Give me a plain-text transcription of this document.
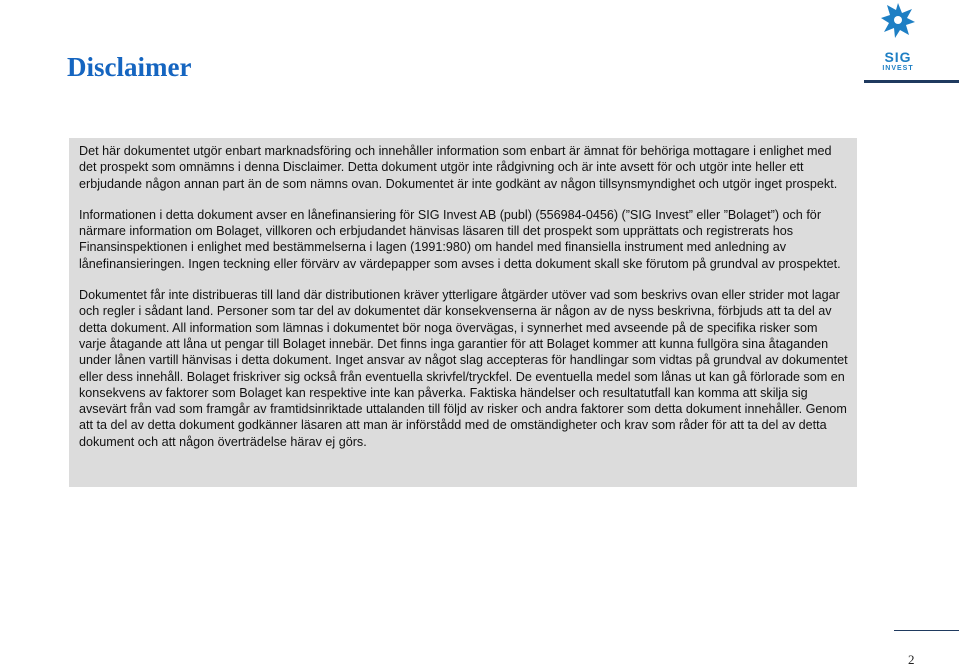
Disclaimer	SIG
INVEST

Det här dokumentet utgör enbart marknadsföring och innehåller information som enbart är ämnat för behöriga mottagare i enlighet med det prospekt som omnämns i denna Disclaimer. Detta dokument utgör inte rådgivning och är inte avsett för och utgör inte heller ett erbjudande någon annan part än de som nämns ovan. Dokumentet är inte godkänt av någon tillsynsmyndighet och utgör inget prospekt.

Informationen i detta dokument avser en lånefinansiering för SIG Invest AB (publ) (556984-0456) (”SIG Invest” eller ”Bolaget”) och för närmare information om Bolaget, villkoren och erbjudandet hänvisas läsaren till det prospekt som upprättats och registrerats hos Finansinspektionen i enlighet med bestämmelserna i lagen (1991:980) om handel med finansiella instrument med anledning av lånefinansieringen. Ingen teckning eller förvärv av värdepapper som avses i detta dokument skall ske förutom på grundval av prospektet.

Dokumentet får inte distribueras till land där distributionen kräver ytterligare åtgärder utöver vad som beskrivs ovan eller strider mot lagar och regler i sådant land. Personer som tar del av dokumentet där konsekvenserna är någon av de nyss beskrivna, förbjuds att ta del av detta dokument. All information som lämnas i dokumentet bör noga övervägas, i synnerhet med avseende på de specifika risker som varje åtagande att låna ut pengar till Bolaget innebär. Det finns inga garantier för att Bolaget kommer att kunna fullgöra sina åtaganden under lånen vartill hänvisas i detta dokument. Inget ansvar av något slag accepteras för handlingar som vidtas på grundval av dokumentet eller dess innehåll. Bolaget friskriver sig också från eventuella skrivfel/tryckfel. De eventuella medel som lånas ut kan gå förlorade som en konsekvens av faktorer som Bolaget kan respektive inte kan påverka. Faktiska händelser och resultatutfall kan komma att skilja sig avsevärt från vad som framgår av framtidsinriktade uttalanden till följd av risker och andra faktorer som detta dokument innehåller. Genom att ta del av detta dokument godkänner läsaren att man är införstådd med de omständigheter och krav som råder för att ta del av detta dokument och att någon överträdelse härav ej görs.

2
